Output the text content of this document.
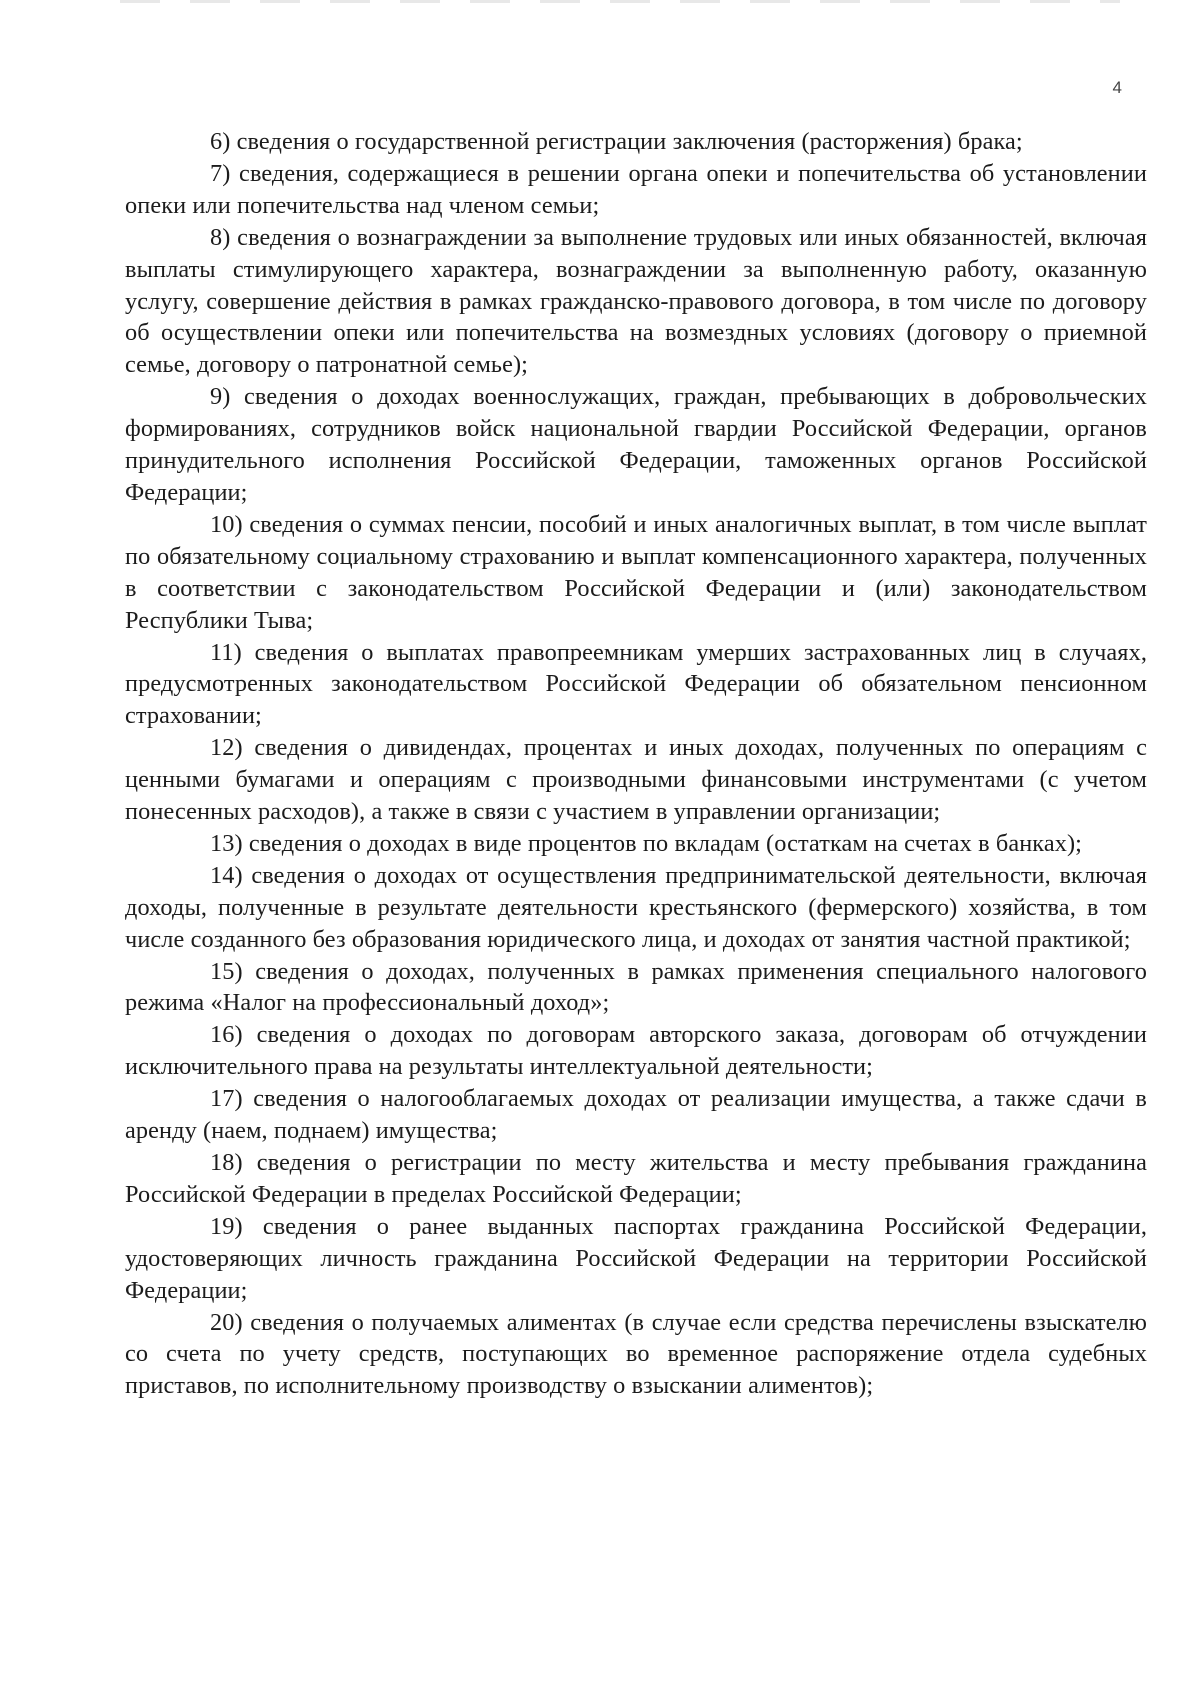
4

6) сведения о государственной регистрации заключения (расторжения) брака;

7) сведения, содержащиеся в решении органа опеки и попечительства об установлении опеки или попечительства над членом семьи;

8) сведения о вознаграждении за выполнение трудовых или иных обязанностей, включая выплаты стимулирующего характера, вознаграждении за выполненную работу, оказанную услугу, совершение действия в рамках гражданско-правового договора, в том числе по договору об осуществлении опеки или попечительства на возмездных условиях (договору о приемной семье, договору о патронатной семье);

9) сведения о доходах военнослужащих, граждан, пребывающих в добровольческих формированиях, сотрудников войск национальной гвардии Российской Федерации, органов принудительного исполнения Российской Федерации, таможенных органов Российской Федерации;

10) сведения о суммах пенсии, пособий и иных аналогичных выплат, в том числе выплат по обязательному социальному страхованию и выплат компенсационного характера, полученных в соответствии с законодательством Российской Федерации и (или) законодательством Республики Тыва;

11) сведения о выплатах правопреемникам умерших застрахованных лиц в случаях, предусмотренных законодательством Российской Федерации об обязательном пенсионном страховании;

12) сведения о дивидендах, процентах и иных доходах, полученных по операциям с ценными бумагами и операциям с производными финансовыми инструментами (с учетом понесенных расходов), а также в связи с участием в управлении организации;

13) сведения о доходах в виде процентов по вкладам (остаткам на счетах в банках);

14) сведения о доходах от осуществления предпринимательской деятельности, включая доходы, полученные в результате деятельности крестьянского (фермерского) хозяйства, в том числе созданного без образования юридического лица, и доходах от занятия частной практикой;

15) сведения о доходах, полученных в рамках применения специального налогового режима «Налог на профессиональный доход»;

16) сведения о доходах по договорам авторского заказа, договорам об отчуждении исключительного права на результаты интеллектуальной деятельности;

17) сведения о налогооблагаемых доходах от реализации имущества, а также сдачи в аренду (наем, поднаем) имущества;

18) сведения о регистрации по месту жительства и месту пребывания гражданина Российской Федерации в пределах Российской Федерации;

19) сведения о ранее выданных паспортах гражданина Российской Федерации, удостоверяющих личность гражданина Российской Федерации на территории Российской Федерации;

20) сведения о получаемых алиментах (в случае если средства перечислены взыскателю со счета по учету средств, поступающих во временное распоряжение отдела судебных приставов, по исполнительному производству о взыскании алиментов);
